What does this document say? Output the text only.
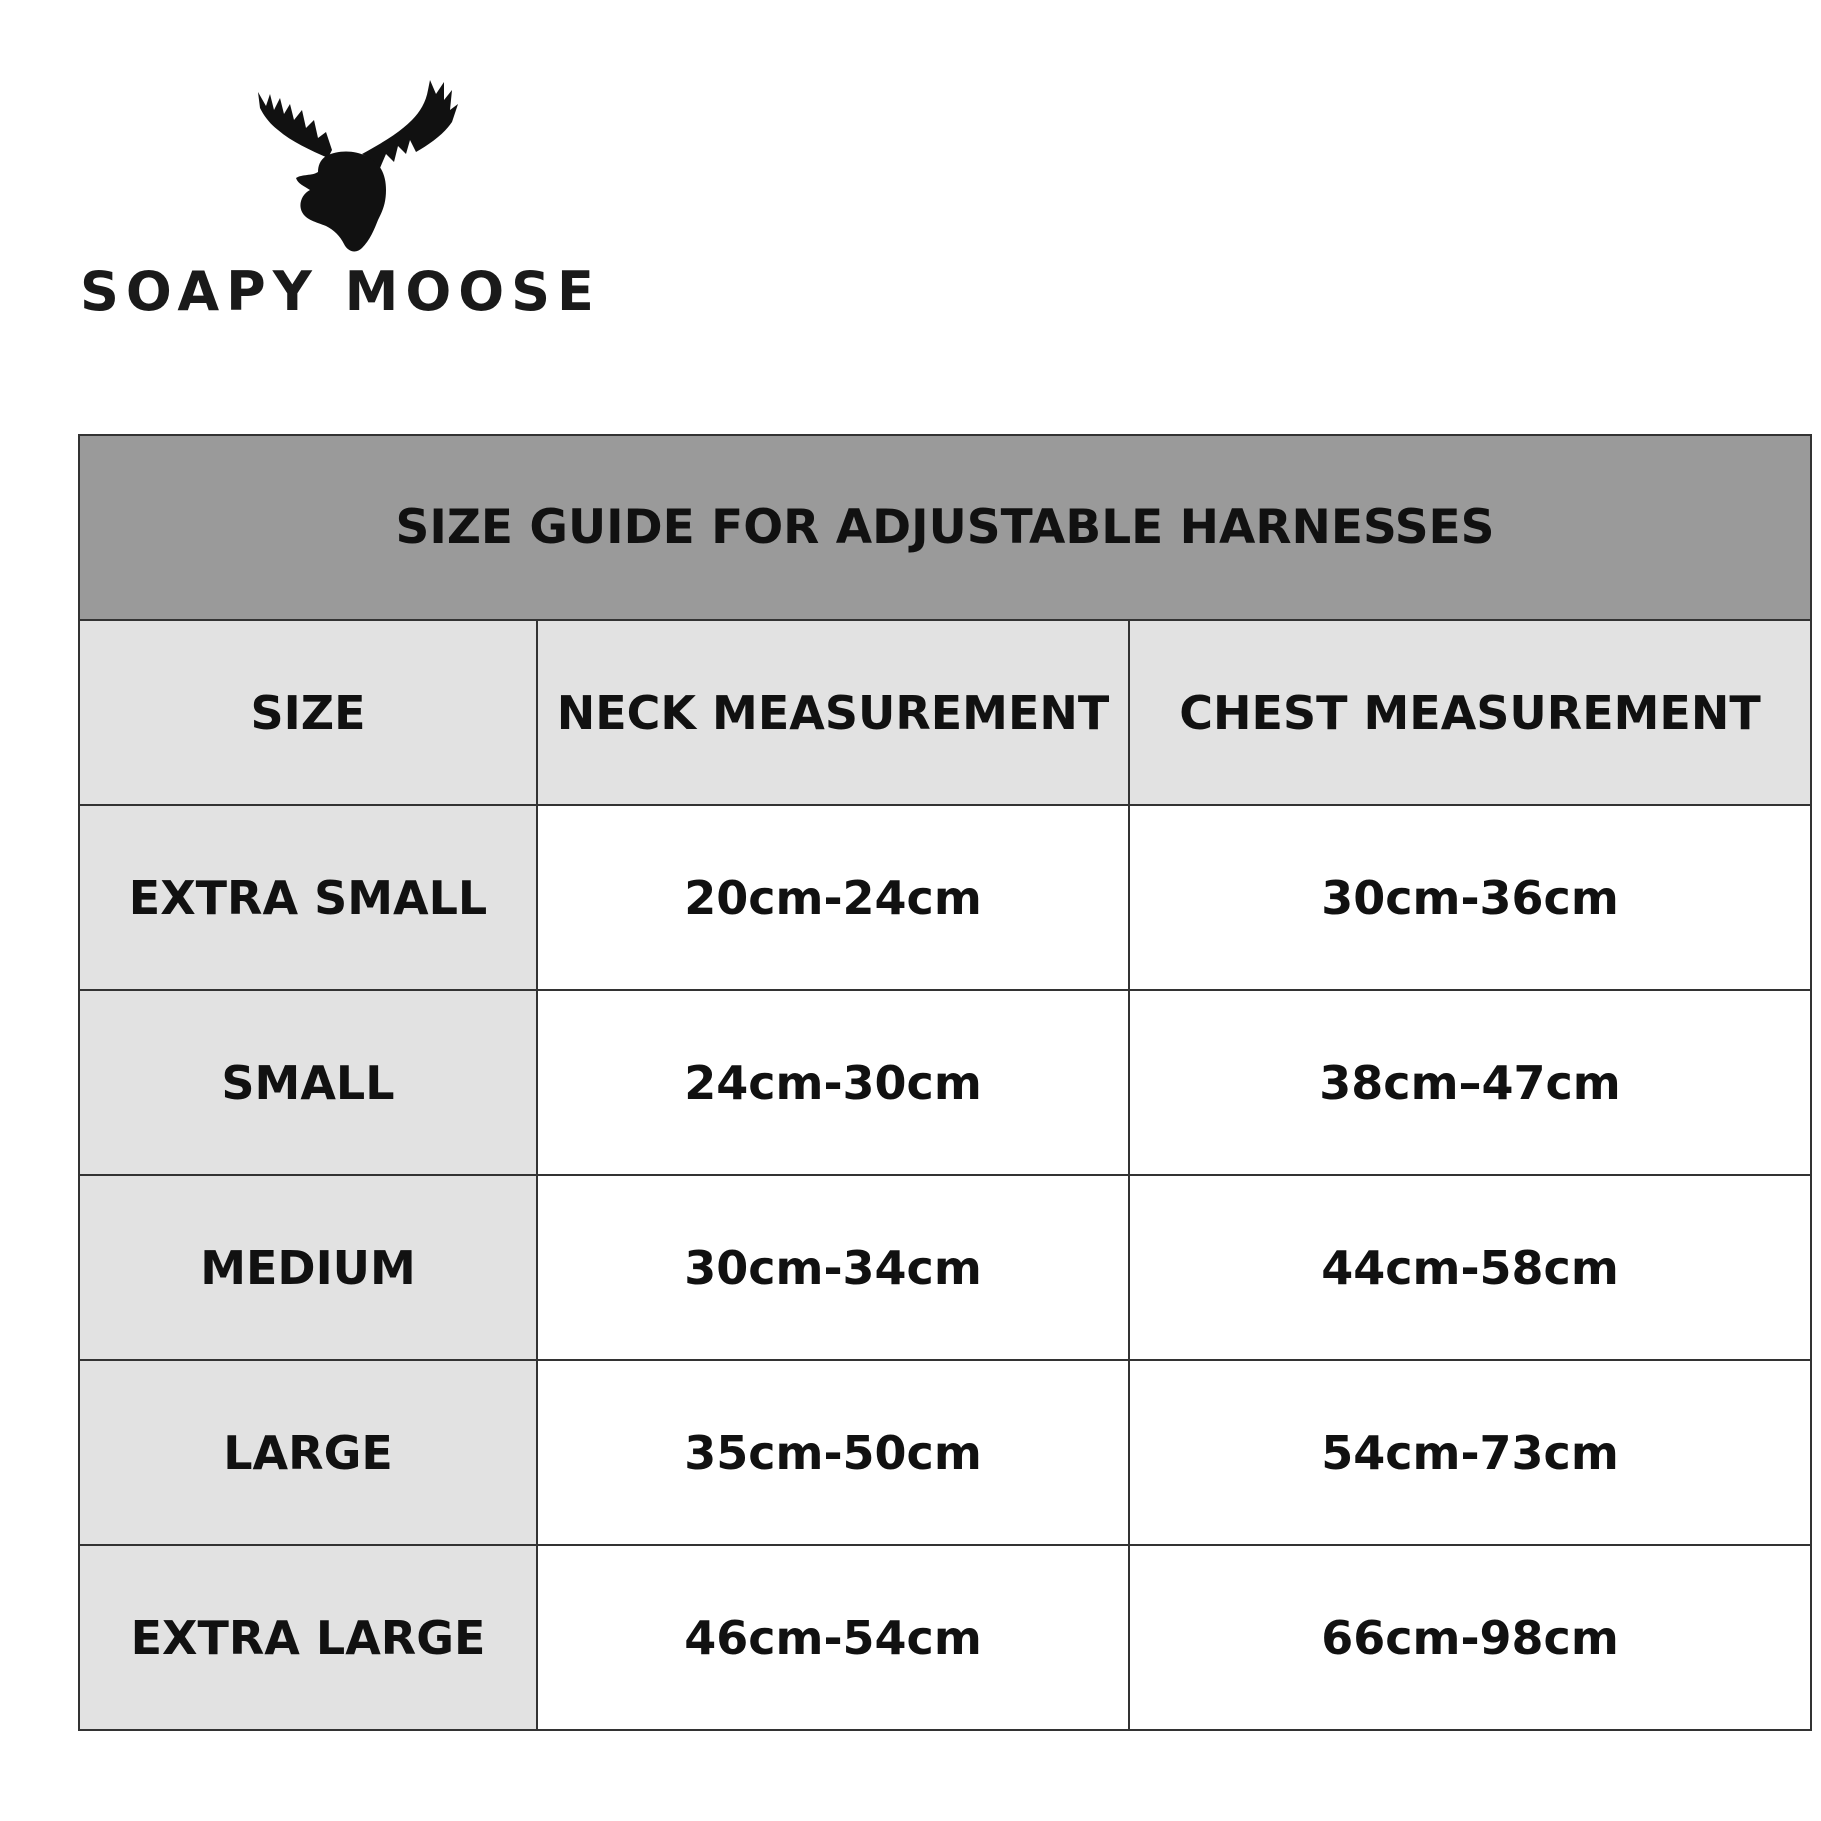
SOAPY MOOSE
SIZE GUIDE FOR ADJUSTABLE HARNESSES		
SIZE	NECK MEASUREMENT	CHEST MEASUREMENT
EXTRA SMALL	20cm-24cm	30cm-36cm
SMALL	24cm-30cm	38cm–47cm
MEDIUM	30cm-34cm	44cm-58cm
LARGE	35cm-50cm	54cm-73cm
EXTRA LARGE	46cm-54cm	66cm-98cm
